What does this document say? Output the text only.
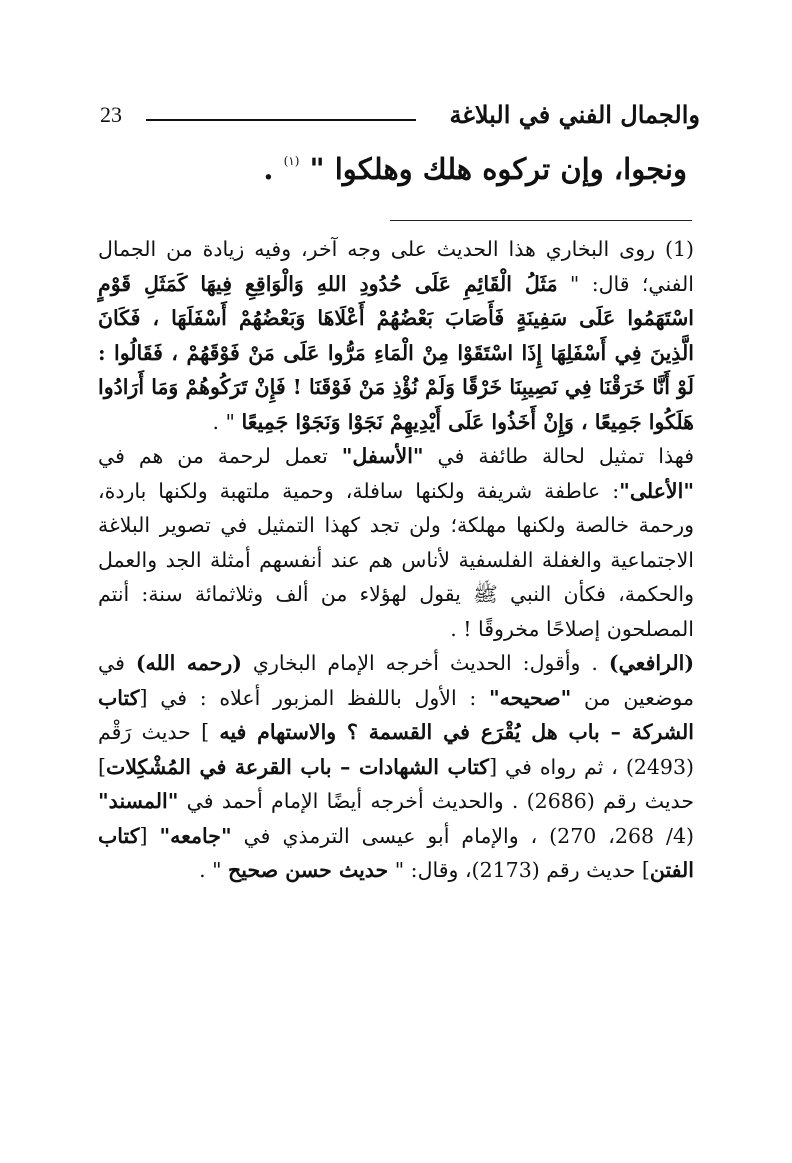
23	والجمال الفني في البلاغة
ونجوا، وإن تركوه هلك وهلكوا " $^{(١)}$ .

(1) روى البخاري هذا الحديث على وجه آخر، وفيه زيادة من الجمال الفني؛ قال: " مَثَلُ الْقَائِمِ عَلَى حُدُودِ اللهِ وَالْوَاقِعِ فِيهَا كَمَثَلِ قَوْمٍ اسْتَهَمُوا عَلَى سَفِينَةٍ فَأَصَابَ بَعْضُهُمْ أَعْلَاهَا وَبَعْضُهُمْ أَسْفَلَهَا ، فَكَانَ الَّذِينَ فِي أَسْفَلِهَا إِذَا اسْتَقَوْا مِنْ الْمَاءِ مَرُّوا عَلَى مَنْ فَوْقَهُمْ ، فَقَالُوا : لَوْ أَنَّا خَرَقْنَا فِي نَصِيبِنَا خَرْقًا وَلَمْ نُؤْذِ مَنْ فَوْقَنَا ! فَإِنْ تَرَكُوهُمْ وَمَا أَرَادُوا هَلَكُوا جَمِيعًا ، وَإِنْ أَخَذُوا عَلَى أَيْدِيهِمْ نَجَوْا وَنَجَوْا جَمِيعًا " .

فهذا تمثيل لحالة طائفة في "الأسفل" تعمل لرحمة من هم في "الأعلى": عاطفة شريفة ولكنها سافلة، وحمية ملتهبة ولكنها باردة، ورحمة خالصة ولكنها مهلكة؛ ولن تجد كهذا التمثيل في تصوير البلاغة الاجتماعية والغفلة الفلسفية لأناس هم عند أنفسهم أمثلة الجد والعمل والحكمة، فكأن النبي ﷺ يقول لهؤلاء من ألف وثلاثمائة سنة: أنتم المصلحون إصلاحًا مخروقًا ! .

(الرافعي) . وأقول: الحديث أخرجه الإمام البخاري (رحمه الله) في موضعين من "صحيحه" : الأول باللفظ المزبور أعلاه : في [كتاب الشركة – باب هل يُقْرَع في القسمة ؟ والاستهام فيه ] حديث رَقْم (2493) ، ثم رواه في [كتاب الشهادات – باب القرعة في المُشْكِلات] حديث رقم (2686) . والحديث أخرجه أيضًا الإمام أحمد في "المسند" (4/ 268، 270) ، والإمام أبو عيسى الترمذي في "جامعه" [كتاب الفتن] حديث رقم (2173)، وقال: " حديث حسن صحيح " .
